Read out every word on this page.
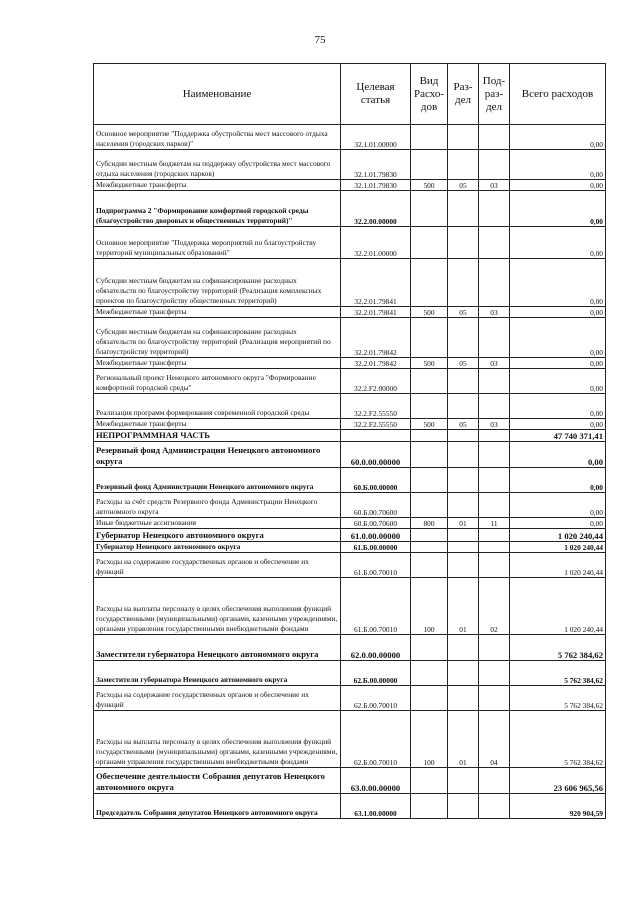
75
Наименование	Целевая статья	Вид Расхо- дов	Раз- дел	Под- раз- дел	Всего расходов
Основное мероприятие "Поддержка обустройства мест массового отдыха населения (городских парков)"	32.1.01.00000				0,00
Субсидии местным бюджетам на поддержку обустройства мест массового отдыха населения (городских парков)	32.1.01.79830				0,00
Межбюджетные трансферты	32.1.01.79830	500	05	03	0,00
Подпрограмма 2 "Формирование комфортной городской среды (благоустройство дворовых и общественных территорий)"	32.2.00.00000				0,00
Основное мероприятие "Поддержка мероприятий по благоустройству территорий муниципальных образований"	32.2.01.00000				0,00
Субсидии местным бюджетам на софинансирование расходных обязательств по благоустройству территорий (Реализация комплексных проектов по благоустройству общественных территорий)	32.2.01.79841				0,00
Межбюджетные трансферты	32.2.01.79841	500	05	03	0,00
Субсидии местным бюджетам на софинансирование расходных обязательств по благоустройству территорий (Реализация мероприятий по благоустройству территорий)	32.2.01.79842				0,00
Межбюджетные трансферты	32.2.01.79842	500	05	03	0,00
Региональный проект Ненецкого автономного округа "Формирование комфортной городской среды"	32.2.F2.00000				0,00
Реализация программ формирования современной городской среды	32.2.F2.55550				0,00
Межбюджетные трансферты	32.2.F2.55550	500	05	03	0,00
НЕПРОГРАММНАЯ ЧАСТЬ					47 740 371,41
Резервный фонд Администрации Ненецкого автономного округа	60.0.00.00000				0,00
Резервный фонд Администрации Ненецкого автономного округа	60.Б.00.00000				0,00
Расходы за счёт средств Резервного фонда Администрации Ненецкого автономного округа	60.Б.00.70600				0,00
Иные бюджетные ассигнования	60.Б.00.70600	800	01	11	0,00
Губернатор Ненецкого автономного округа	61.0.00.00000				1 020 240,44
Губернатор Ненецкого автономного округа	61.Б.00.00000				1 020 240,44
Расходы на содержание государственных органов и обеспечение их функций	61.Б.00.70010				1 020 240,44
Расходы на выплаты персоналу в целях обеспечения выполнения функций государственными (муниципальными) органами, казенными учреждениями, органами управления государственными внебюджетными фондами	61.Б.00.70010	100	01	02	1 020 240,44
Заместители губернатора Ненецкого автономного округа	62.0.00.00000				5 762 384,62
Заместители губернатора Ненецкого автономного округа	62.Б.00.00000				5 762 384,62
Расходы на содержание государственных органов и обеспечение их функций	62.Б.00.70010				5 762 384,62
Расходы на выплаты персоналу в целях обеспечения выполнения функций государственными (муниципальными) органами, казенными учреждениями, органами управления государственными внебюджетными фондами	62.Б.00.70010	100	01	04	5 762 384,62
Обеспечение деятельности Собрания депутатов Ненецкого автономного округа	63.0.00.00000				23 606 965,56
Председатель Собрания депутатов Ненецкого автономного округа	63.1.00.00000				920 904,59
